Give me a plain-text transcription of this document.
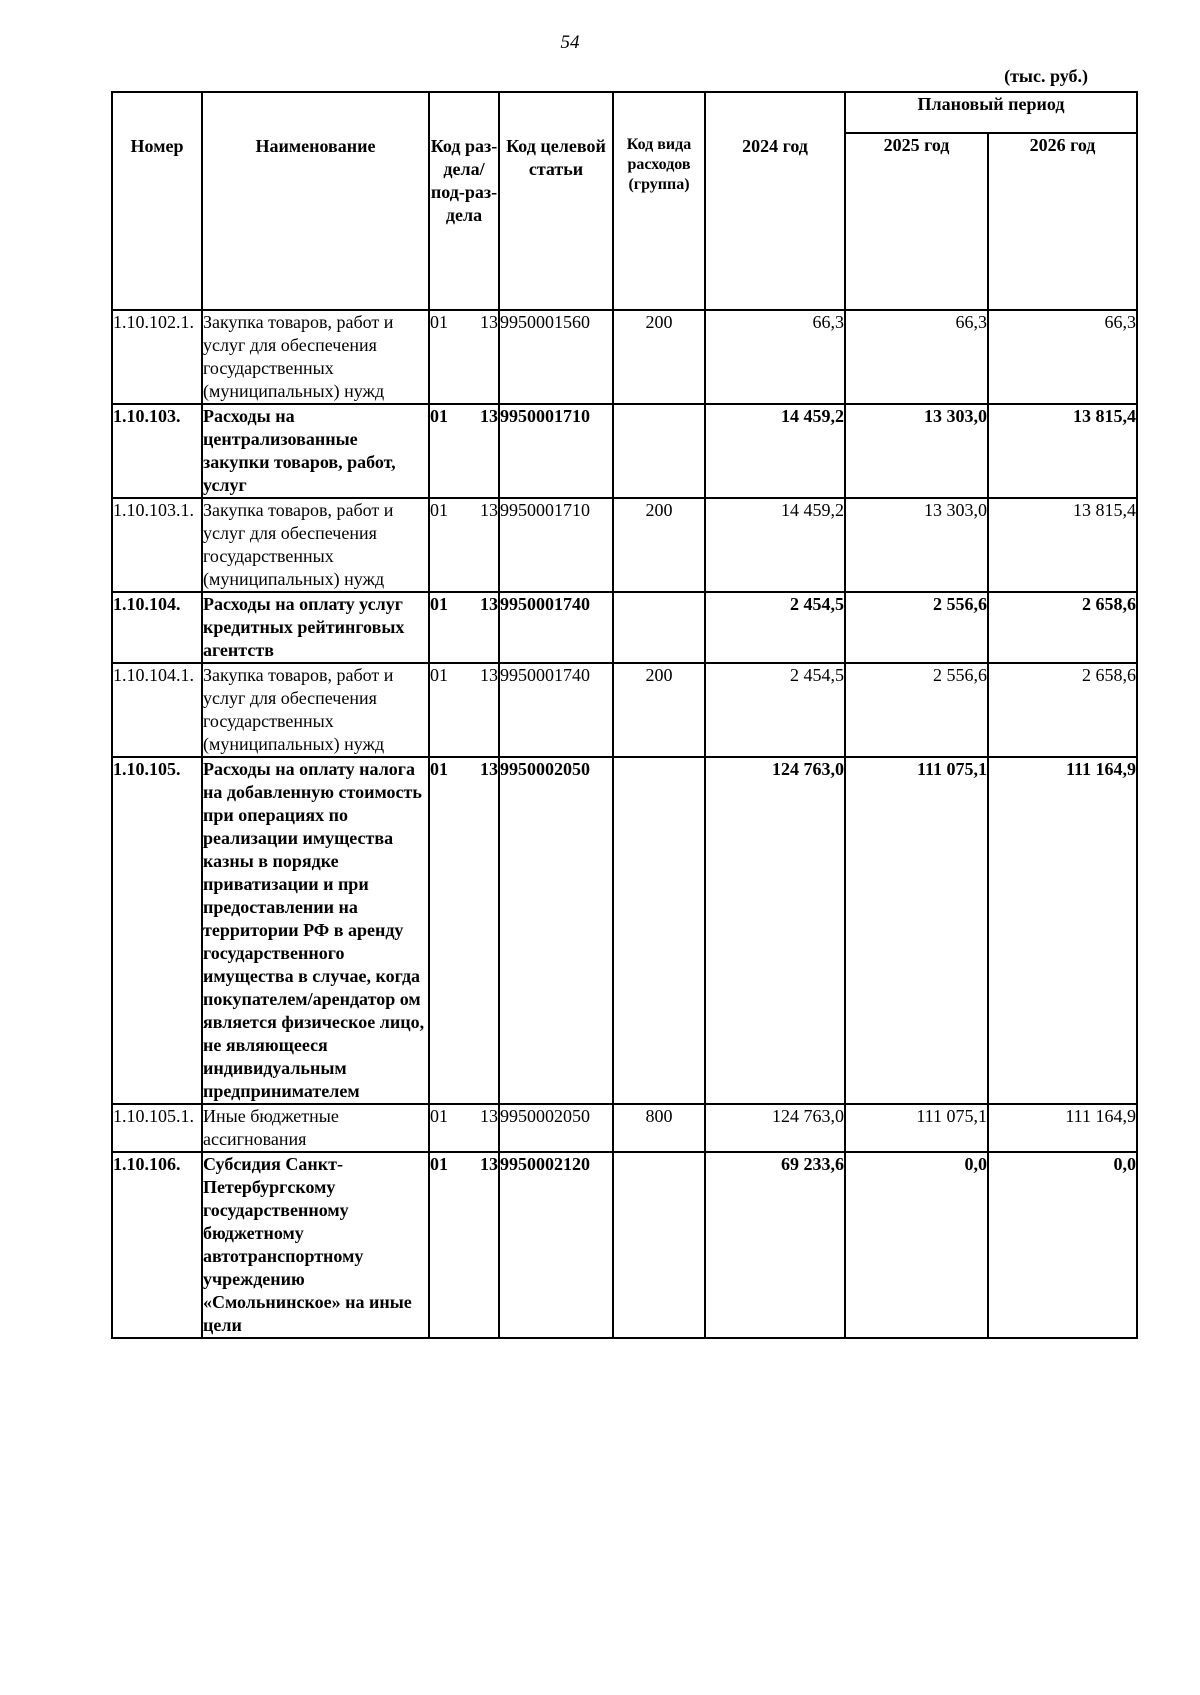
54
(тыс. руб.)
Номер	Наименование	Код раз-дела/ под-раз-дела	Код целевой статьи	Код вида расходов (группа)	2024 год	Плановый период	
						2025 год	2026 год
1.10.102.1.	Закупка товаров, работ и услуг для обеспечения государственных (муниципальных) нужд	01 13	9950001560	200	66,3	66,3	66,3
1.10.103.	Расходы на централизованные закупки товаров, работ, услуг	01 13	9950001710		14 459,2	13 303,0	13 815,4
1.10.103.1.	Закупка товаров, работ и услуг для обеспечения государственных (муниципальных) нужд	01 13	9950001710	200	14 459,2	13 303,0	13 815,4
1.10.104.	Расходы на оплату услуг кредитных рейтинговых агентств	01 13	9950001740		2 454,5	2 556,6	2 658,6
1.10.104.1.	Закупка товаров, работ и услуг для обеспечения государственных (муниципальных) нужд	01 13	9950001740	200	2 454,5	2 556,6	2 658,6
1.10.105.	Расходы на оплату налога на добавленную стоимость при операциях по реализации имущества казны в порядке приватизации и при предоставлении на территории РФ в аренду государственного имущества в случае, когда покупателем/арендатор ом является физическое лицо, не являющееся индивидуальным предпринимателем	01 13	9950002050		124 763,0	111 075,1	111 164,9
1.10.105.1.	Иные бюджетные ассигнования	01 13	9950002050	800	124 763,0	111 075,1	111 164,9
1.10.106.	Субсидия Санкт-Петербургскому государственному бюджетному автотранспортному учреждению «Смольнинское» на иные цели	01 13	9950002120		69 233,6	0,0	0,0
